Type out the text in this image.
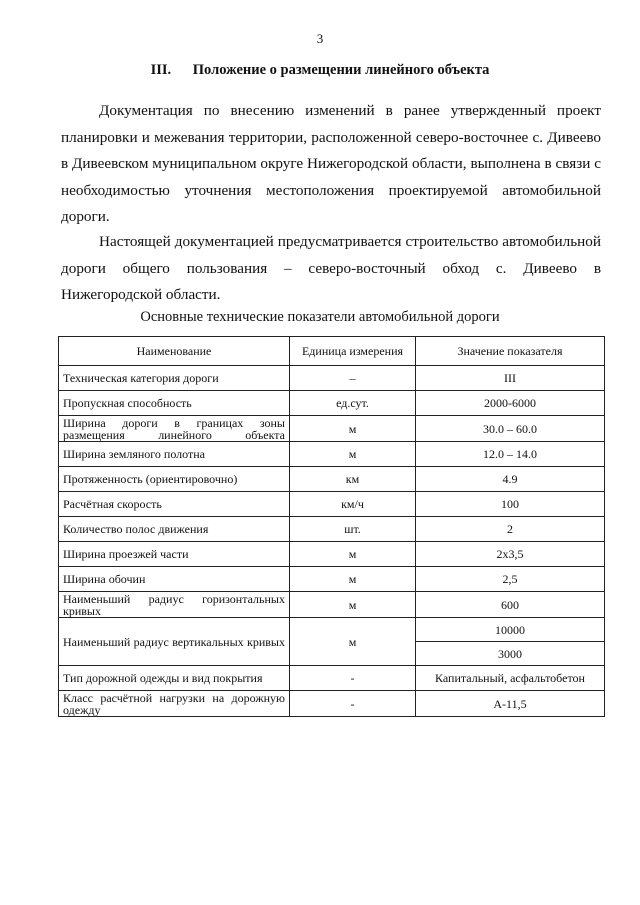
3
III. Положение о размещении линейного объекта

Документация по внесению изменений в ранее утвержденный проект планировки и межевания территории, расположенной северо-восточнее с. Дивеево в Дивеевском муниципальном округе Нижегородской области, выполнена в связи с необходимостью уточнения местоположения проектируемой автомобильной дороги.

Настоящей документацией предусматривается строительство автомобильной дороги общего пользования – северо-восточный обход с. Дивеево в Нижегородской области.

Основные технические показатели автомобильной дороги
Наименование	Единица измерения	Значение показателя
Техническая категория дороги	–	III
Пропускная способность	ед.сут.	2000-6000
Ширина дороги в границах зоны размещения линейного объекта	м	30.0 – 60.0
Ширина земляного полотна	м	12.0 – 14.0
Протяженность (ориентировочно)	км	4.9
Расчётная скорость	км/ч	100
Количество полос движения	шт.	2
Ширина проезжей части	м	2х3,5
Ширина обочин	м	2,5
Наименьший радиус горизонтальных кривых	м	600
Наименьший радиус вертикальных кривых	м	10000
		3000
Тип дорожной одежды и вид покрытия	-	Капитальный, асфальтобетон
Класс расчётной нагрузки на дорожную одежду	-	А-11,5
